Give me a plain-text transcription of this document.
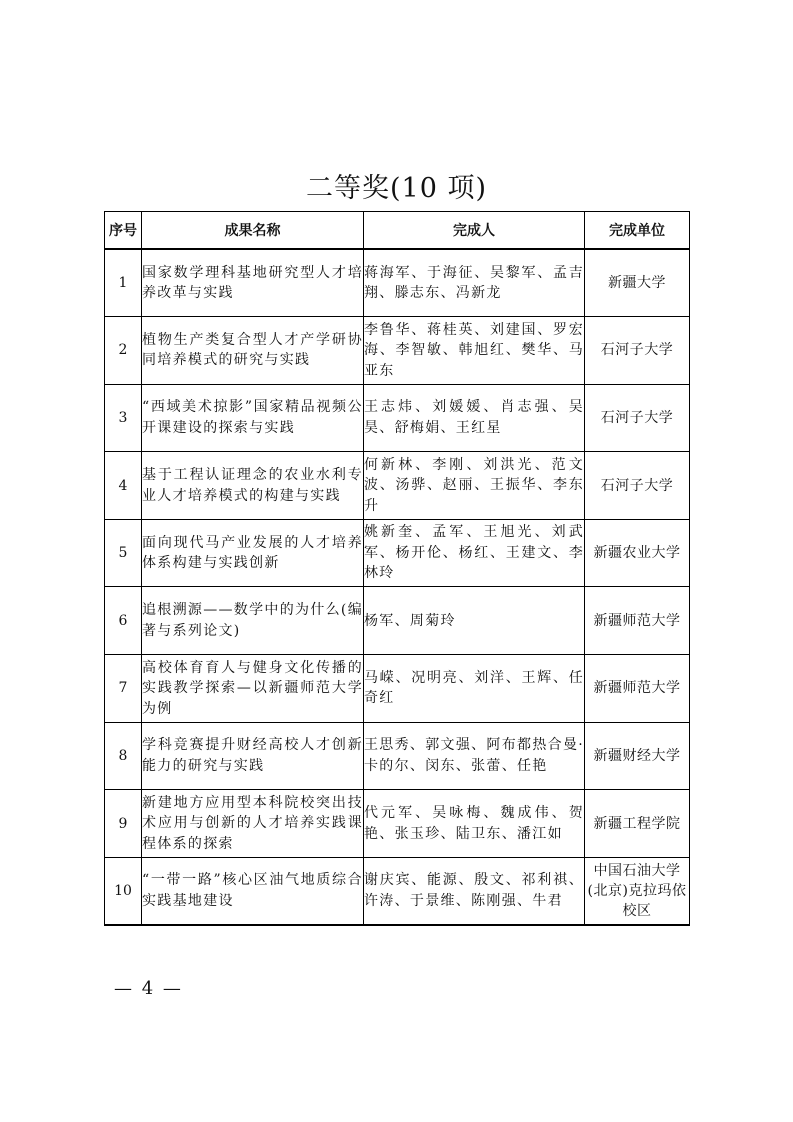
二等奖(10 项)
序号	成果名称	完成人	完成单位
1	国家数学理科基地研究型人才培养改革与实践	蒋海军、于海征、吴黎军、孟吉翔、滕志东、冯新龙	新疆大学
2	植物生产类复合型人才产学研协同培养模式的研究与实践	李鲁华、蒋桂英、刘建国、罗宏海、李智敏、韩旭红、樊华、马亚东	石河子大学
3	“西域美术掠影”国家精品视频公开课建设的探索与实践	王志炜、刘媛媛、肖志强、吴昊、舒梅娟、王红星	石河子大学
4	基于工程认证理念的农业水利专业人才培养模式的构建与实践	何新林、李刚、刘洪光、范文波、汤骅、赵丽、王振华、李东升	石河子大学
5	面向现代马产业发展的人才培养体系构建与实践创新	姚新奎、孟军、王旭光、刘武军、杨开伦、杨红、王建文、李林玲	新疆农业大学
6	追根溯源——数学中的为什么(编著与系列论文)	杨军、周菊玲	新疆师范大学
7	高校体育育人与健身文化传播的实践教学探索—以新疆师范大学为例	马嵘、况明亮、刘洋、王辉、任奇红	新疆师范大学
8	学科竞赛提升财经高校人才创新能力的研究与实践	王思秀、郭文强、阿布都热合曼·卡的尔、闵东、张蕾、任艳	新疆财经大学
9	新建地方应用型本科院校突出技术应用与创新的人才培养实践课程体系的探索	代元军、吴咏梅、魏成伟、贺艳、张玉珍、陆卫东、潘江如	新疆工程学院
10	“一带一路”核心区油气地质综合实践基地建设	谢庆宾、能源、殷文、祁利祺、许涛、于景维、陈刚强、牛君	中国石油大学(北京)克拉玛依校区
— 4 —
